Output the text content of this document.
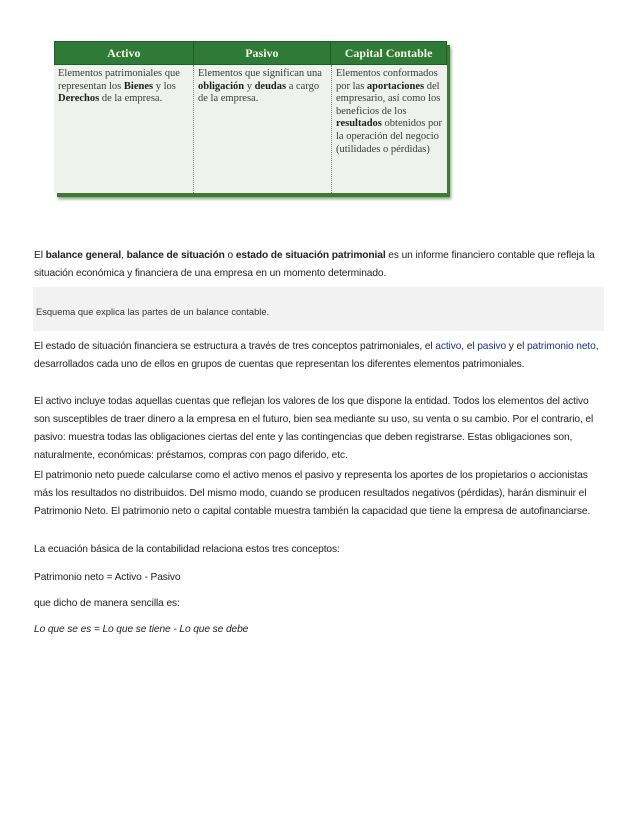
Activo	Pasivo	Capital Contable
Elementos patrimoniales que representan los Bienes y los Derechos de la empresa.
Elementos que significan una obligación y deudas a cargo de la empresa.
Elementos conformados por las aportaciones del empresario, así como los beneficios de los resultados obtenidos por la operación del negocio (utilidades o pérdidas)
El balance general, balance de situación o estado de situación patrimonial es un informe financiero contable que refleja la situación económica y financiera de una empresa en un momento determinado.
Esquema que explica las partes de un balance contable.
El estado de situación financiera se estructura a través de tres conceptos patrimoniales, el activo, el pasivo y el patrimonio neto, desarrollados cada uno de ellos en grupos de cuentas que representan los diferentes elementos patrimoniales.
El activo incluye todas aquellas cuentas que reflejan los valores de los que dispone la entidad. Todos los elementos del activo son susceptibles de traer dinero a la empresa en el futuro, bien sea mediante su uso, su venta o su cambio. Por el contrario, el pasivo: muestra todas las obligaciones ciertas del ente y las contingencias que deben registrarse. Estas obligaciones son, naturalmente, económicas: préstamos, compras con pago diferido, etc.
El patrimonio neto puede calcularse como el activo menos el pasivo y representa los aportes de los propietarios o accionistas más los resultados no distribuidos. Del mismo modo, cuando se producen resultados negativos (pérdidas), harán disminuir el Patrimonio Neto. El patrimonio neto o capital contable muestra también la capacidad que tiene la empresa de autofinanciarse.
La ecuación básica de la contabilidad relaciona estos tres conceptos:
Patrimonio neto = Activo - Pasivo
que dicho de manera sencilla es:
Lo que se es = Lo que se tiene - Lo que se debe
